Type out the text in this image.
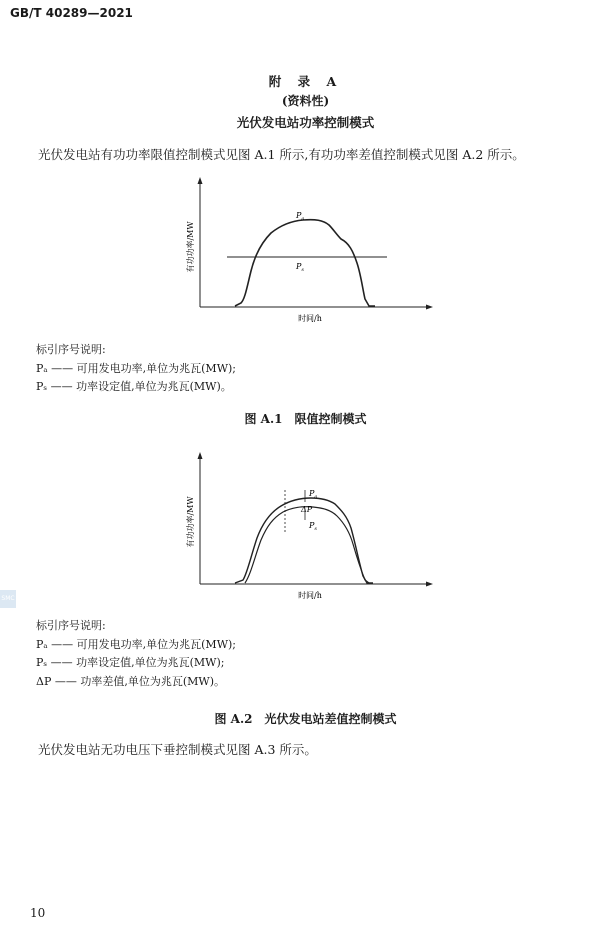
GB/T 40289—2021
附 录 A
(资料性)
光伏发电站功率控制模式
光伏发电站有功功率限值控制模式见图 A.1 所示,有功功率差值控制模式见图 A.2 所示。
$P_a$
$P_s$
有功功率/MW
时间/h
标引序号说明:
Pₐ —— 可用发电功率,单位为兆瓦(MW);
Pₛ —— 功率设定值,单位为兆瓦(MW)。
图 A.1　限值控制模式
$P_a$
ΔP
$P_s$
有功功率/MW
时间/h
SMC
标引序号说明:
Pₐ —— 可用发电功率,单位为兆瓦(MW);
Pₛ —— 功率设定值,单位为兆瓦(MW);
ΔP —— 功率差值,单位为兆瓦(MW)。
图 A.2　光伏发电站差值控制模式
光伏发电站无功电压下垂控制模式见图 A.3 所示。
10
